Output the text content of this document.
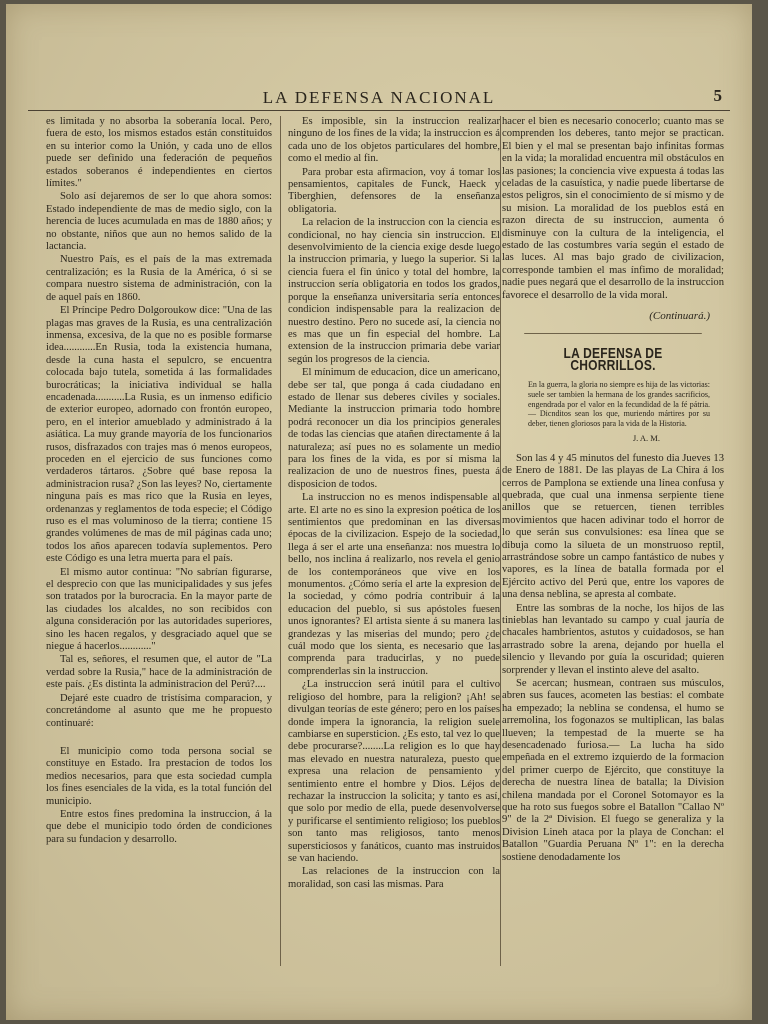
LA DEFENSA NACIONAL	5

es limitada y no absorba la soberanía local. Pero, fuera de esto, los mismos estados están constituidos en su interior como la Unión, y cada uno de ellos puede ser definido una federación de pequeños estados soberanos é independientes en ciertos límites."

Solo así dejaremos de ser lo que ahora somos: Estado independiente de mas de medio siglo, con la herencia de luces acumulada en mas de 1880 años; y no obstante, niños que aun no hemos salido de la lactancia.

Nuestro País, es el país de la mas extremada centralización; es la Rusia de la América, ó si se compara nuestro sistema de administración, con la de aquel país en 1860.

El Príncipe Pedro Dolgoroukow dice: "Una de las plagas mas graves de la Rusia, es una centralización inmensa, excesiva, de la que no es posible formarse idea............En Rusia, toda la existencia humana, desde la cuna hasta el sepulcro, se encuentra colocada bajo tutela, sometida á las formalidades burocráticas; la iniciativa individual se halla encadenada...........La Rusia, es un inmenso edificio de exterior europeo, adornado con frontón europeo, pero, en el interior amueblado y administrado á la asiática. La muy grande mayoría de los funcionarios rusos, disfrazados con trajes mas ó menos europeos, proceden en el ejercicio de sus funciones como verdaderos tártaros. ¿Sobre qué base reposa la administracion rusa? ¿Son las leyes? No, ciertamente ninguna país es mas rico que la Rusia en leyes, ordenanzas y reglamentos de toda especie; el Código ruso es el mas voluminoso de la tierra; contiene 15 grandes volúmenes de mas de mil páginas cada uno; todos los años aparecen todavía suplementos. Pero este Código es una letra muerta para el país.

El mismo autor continua: "No sabrían figurarse, el desprecio con que las municipalidades y sus jefes son tratados por la burocracia. En la mayor parte de las ciudades los alcaldes, no son recibidos con alguna consideración por las autoridades superiores, sino les hacen regalos, y desgraciado aquel que se niegue á hacerlos............"

Tal es, señores, el resumen que, el autor de "La verdad sobre la Rusia," hace de la administración de este país. ¿Es distinta la administracion del Perú?....

Dejaré este cuadro de tristísima comparacion, y concretándome al asunto que me he propuesto continuaré:

El municipio como toda persona social se constituye en Estado. Ira prestacion de todos los medios necesarios, para que esta sociedad cumpla los fines esenciales de la vida, es la total función del municipio.

Entre estos fines predomina la instruccion, á la que debe el municipio todo órden de condiciones para su fundacion y desarrollo.

Es imposible, sin la instruccion realizar ninguno de los fines de la vida; la instruccion es á cada uno de los objetos particulares del hombre, como el medio al fin.

Para probar esta afirmacion, voy á tomar los pensamientos, capitales de Funck, Haeck y Tiberghien, defensores de la enseñanza obligatoria.

La relacion de la instruccion con la ciencia es condicional, no hay ciencia sin instruccion. El desenvolvimiento de la ciencia exige desde luego la instruccion primaria, y luego la superior. Si la ciencia fuera el fin único y total del hombre, la instruccion sería obligatoria en todos los grados, porque la enseñanza universitaria sería entonces condicion indispensable para la realizacion de nuestro destino. Pero no sucede así, la ciencia no es mas que un fin especial del hombre. La extension de la instruccion primaria debe variar según los progresos de la ciencia.

El mínimum de educacion, dice un americano, debe ser tal, que ponga á cada ciudadano en estado de llenar sus deberes civiles y sociales. Mediante la instruccion primaria todo hombre podrá reconocer un dia los principios generales de todas las ciencias que atañen directamente á la naturaleza; así pues no es solamente un medio para los fines de la vida, es por sí misma la realizacion de uno de nuestros fines, puesta á disposicion de todos.

La instruccion no es menos indispensable al arte. El arte no es sino la expresion poética de los sentimientos que predominan en las diversas épocas de la civilizacion. Espejo de la sociedad, llega á ser el arte una enseñanza: nos muestra lo bello, nos inclina á realizarlo, nos revela el genio de los contemporáneos que vive en los monumentos. ¿Cómo sería el arte la expresion de la sociedad, y cómo podría contribuir á la educacion del pueblo, si sus apóstoles fuesen unos ignorantes? El artista siente á su manera las grandezas y las miserias del mundo; pero ¿de cuál modo que los sienta, es necesario que las comprenda para traducirlas, y no puede comprenderlas sin la instruccion.

¿La instruccion será inútil para el cultivo religioso del hombre, para la religion? ¡Ah! se divulgan teorías de este género; pero en los países donde impera la ignorancia, la religion suele cambiarse en supersticion. ¿Es esto, tal vez lo que debe procurarse?........La religion es lo que hay mas elevado en nuestra naturaleza, puesto que expresa una relacion de pensamiento y sentimiento entre el hombre y Dios. Léjos de rechazar la instruccion la solicita; y tanto es así, que solo por medio de ella, puede desenvolverse y purificarse el sentimiento religioso; los pueblos son tanto mas religiosos, tanto menos supersticiosos y fanáticos, cuanto mas instruidos se van haciendo.

Las relaciones de la instruccion con la moralidad, son casi las mismas. Para

hacer el bien es necesario conocerlo; cuanto mas se comprenden los deberes, tanto mejor se practican. El bien y el mal se presentan bajo infinitas formas en la vida; la moralidad encuentra mil obstáculos en las pasiones; la conciencia vive expuesta á todas las celadas de la casuística, y nadie puede libertarse de estos peligros, sin el conocimiento de sí mismo y de su mision. La moralidad de los pueblos está en razon directa de su instruccion, aumenta ó disminuye con la cultura de la inteligencia, el estado de las costumbres varía según el estado de las luces. Al mas bajo grado de civilizacion, corresponde tambien el mas ínfimo de moralidad; nadie pues negará que el desarrollo de la instruccion favorece el desarrollo de la vida moral.

(Continuará.)
LA DEFENSA DE CHORRILLOS.
En la guerra, la gloria no siempre es hija de las victorias: suele ser tambien la hermana de los grandes sacrificios, engendrada por el valor en la fecundidad de la fé pátria.— Dicnditos sean los que, muriendo mártires por su deber, tienen gloriosos para la vida de la Historia.
J. A. M.

Son las 4 y 45 minutos del funesto dia Jueves 13 de Enero de 1881. De las playas de La Chira á los cerros de Pamplona se extiende una línea confusa y quebrada, que cual una inmensa serpiente tiene anillos que se retuercen, tienen terribles movimientos que hacen adivinar todo el horror de lo que serán sus convulsiones: esa línea que se dibuja como la silueta de un monstruoso reptil, arrastrándose sobre un campo fantástico de nubes y vapores, es la línea de batalla formada por el Ejército activo del Perú que, entre los vapores de una densa neblina, se apresta al combate.

Entre las sombras de la noche, los hijos de las tinieblas han levantado su campo y cual jauría de chacales hambrientos, astutos y cuidadosos, se han arrastrado sobre la arena, dejando por huella el silencio y llevando por guía la oscuridad; quieren sorprender y llevan el instinto aleve del asalto.

Se acercan; husmean, contraen sus músculos, abren sus fauces, acometen las bestias: el combate ha empezado; la neblina se condensa, el humo se arremolina, los fogonazos se multiplican, las balas llueven; la tempestad de la muerte se ha desencadenado furiosa.— La lucha ha sido empeñada en el extremo izquierdo de la formacion del primer cuerpo de Ejército, que constituye la derecha de nuestra línea de batalla; la Division chilena mandada por el Coronel Sotomayor es la que ha roto sus fuegos sobre el Batallon "Callao Nº 9" de la 2ª Division. El fuego se generaliza y la Division Lineh ataca por la playa de Conchan: el Batallon "Guardia Peruana Nº 1": en la derecha sostiene denodadamente los
